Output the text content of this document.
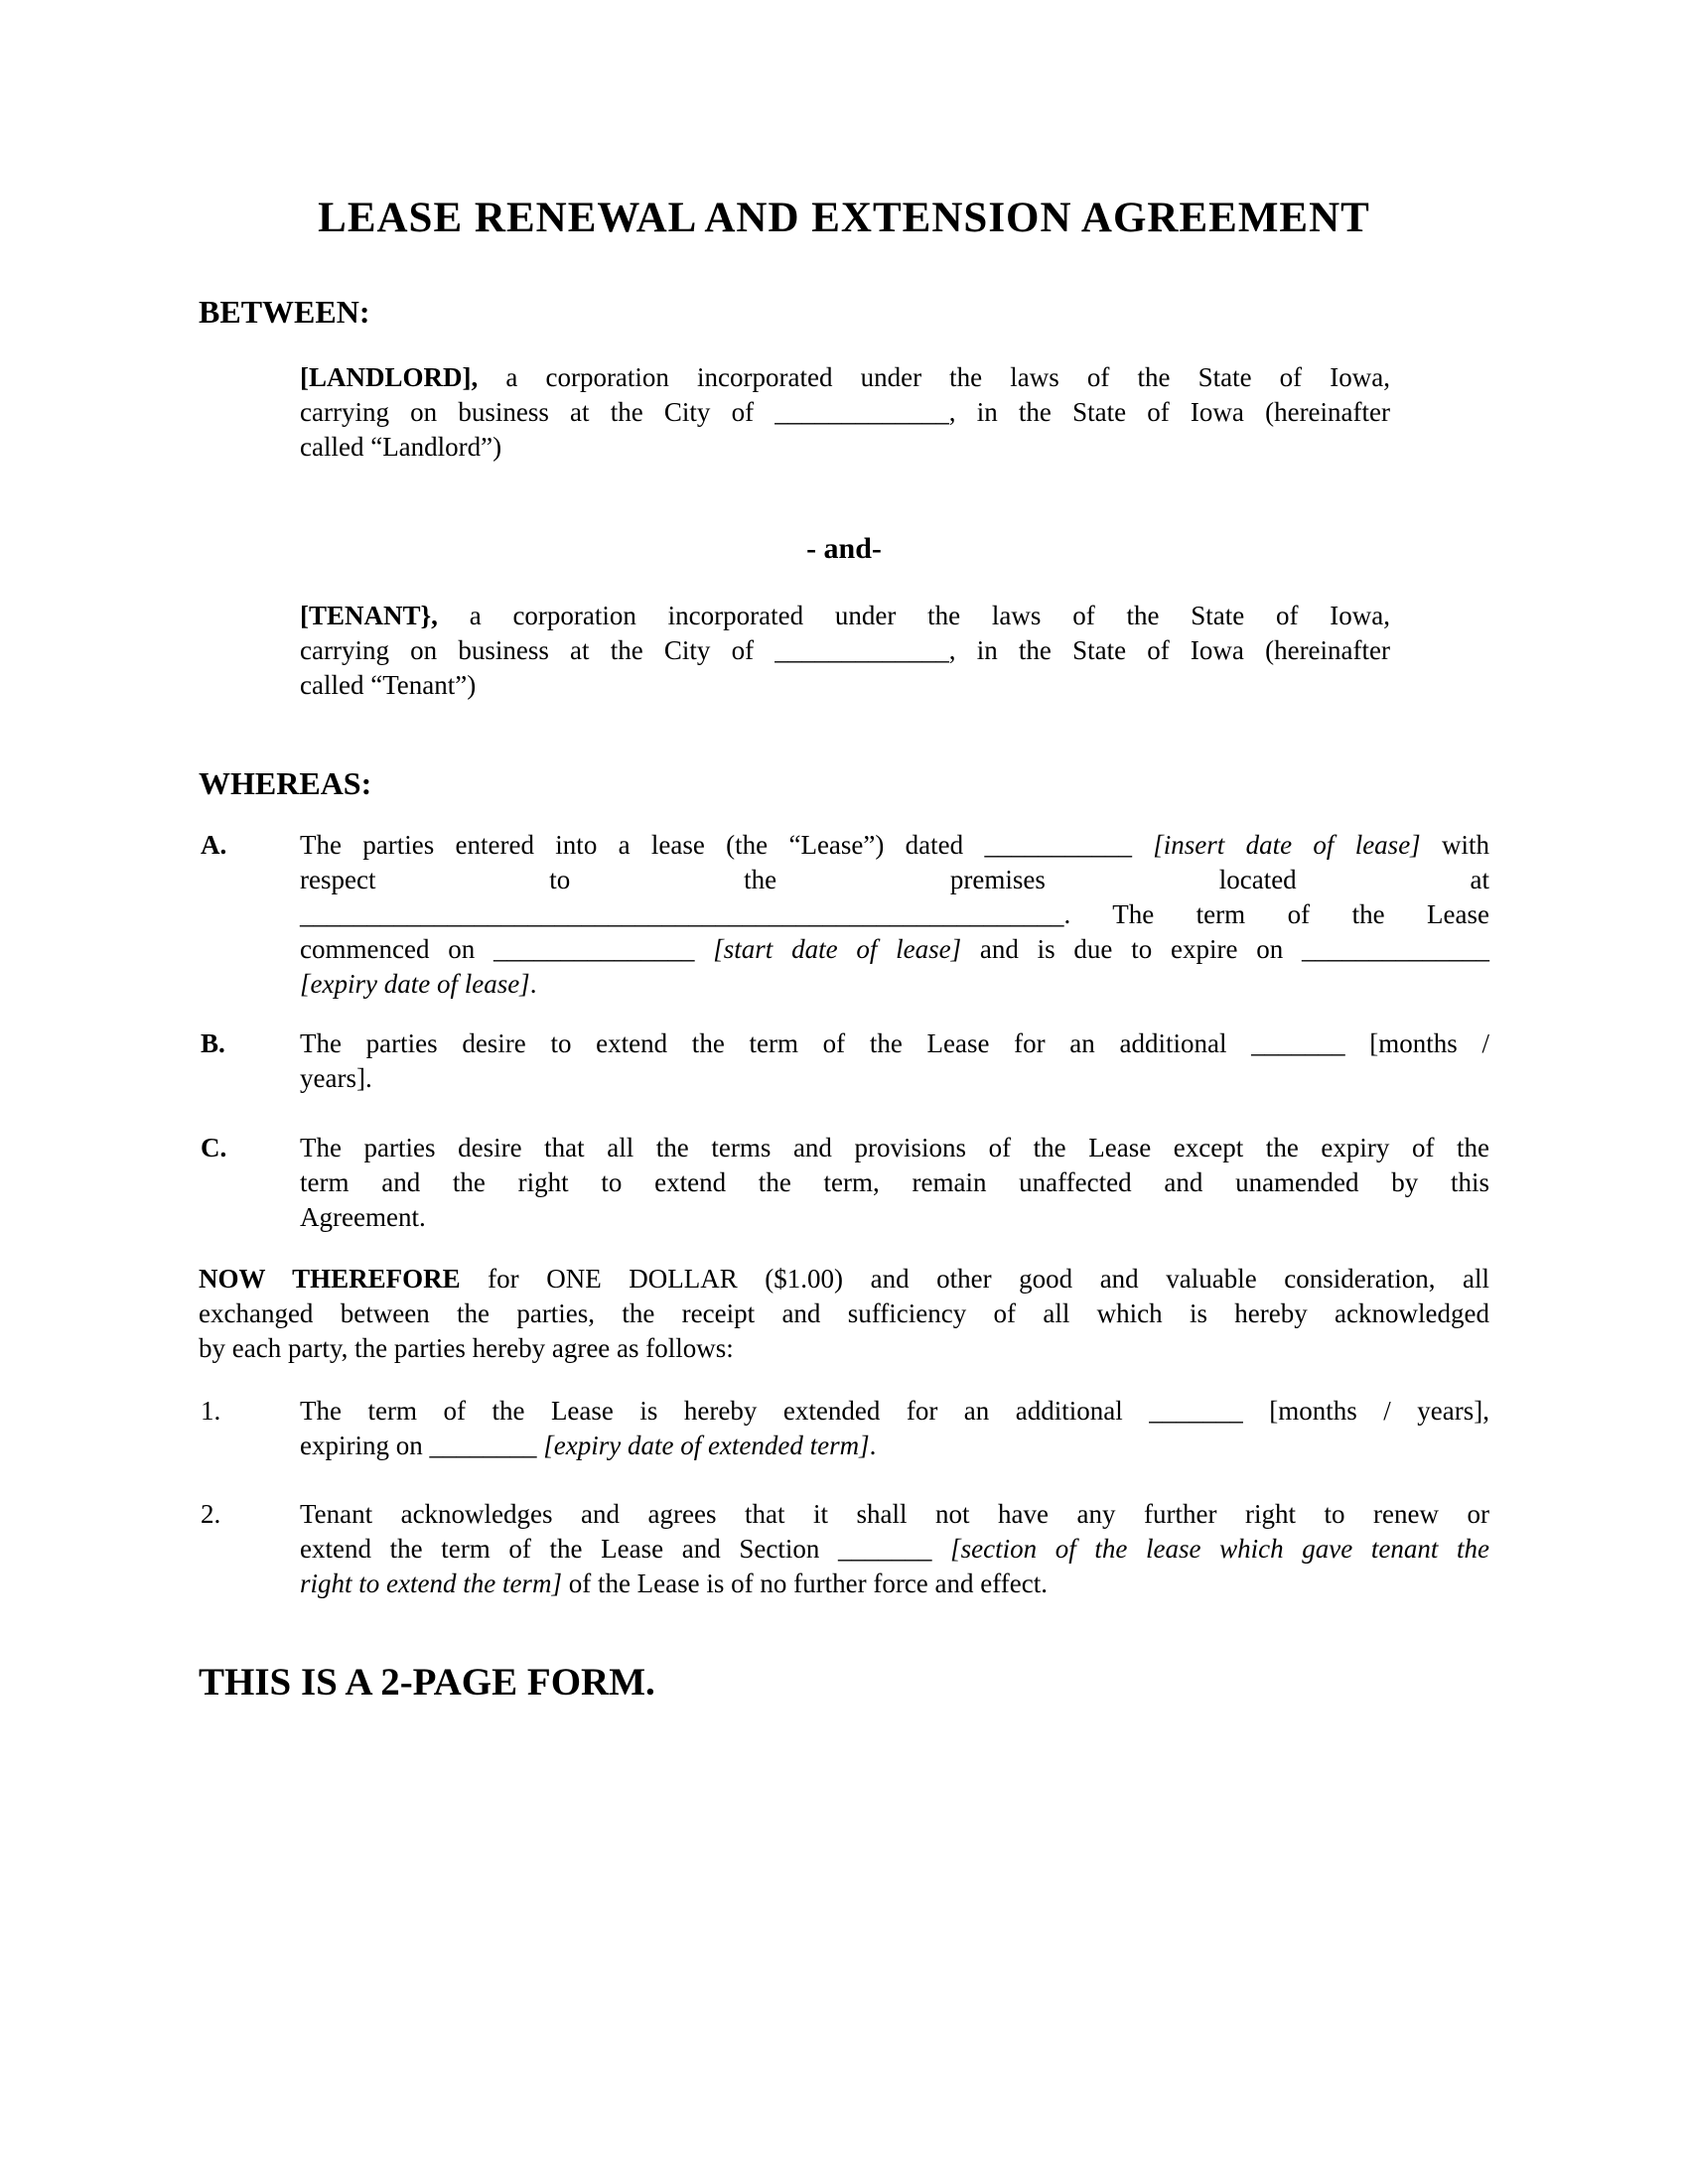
LEASE RENEWAL AND EXTENSION AGREEMENT
BETWEEN:
[LANDLORD], a corporation incorporated under the laws of the State of Iowa,
carrying on business at the City of _____________, in the State of Iowa (hereinafter
called “Landlord”)
- and-
[TENANT}, a corporation incorporated under the laws of the State of Iowa,
carrying on business at the City of _____________, in the State of Iowa (hereinafter
called “Tenant”)
WHEREAS:
A.	The parties entered into a lease (the “Lease”) dated ___________ [insert date of lease] with
respect to the premises located at
_________________________________________________________. The term of the Lease
commenced on _______________ [start date of lease] and is due to expire on ______________
[expiry date of lease].
B.	The parties desire to extend the term of the Lease for an additional _______ [months /
years].
C.	The parties desire that all the terms and provisions of the Lease except the expiry of the
term and the right to extend the term, remain unaffected and unamended by this
Agreement.
NOW THEREFORE for ONE DOLLAR ($1.00) and other good and valuable consideration, all
exchanged between the parties, the receipt and sufficiency of all which is hereby acknowledged
by each party, the parties hereby agree as follows:
1.	The term of the Lease is hereby extended for an additional _______ [months / years],
expiring on ________ [expiry date of extended term].
2.	Tenant acknowledges and agrees that it shall not have any further right to renew or
extend the term of the Lease and Section _______ [section of the lease which gave tenant the
right to extend the term] of the Lease is of no further force and effect.
THIS IS A 2-PAGE FORM.
